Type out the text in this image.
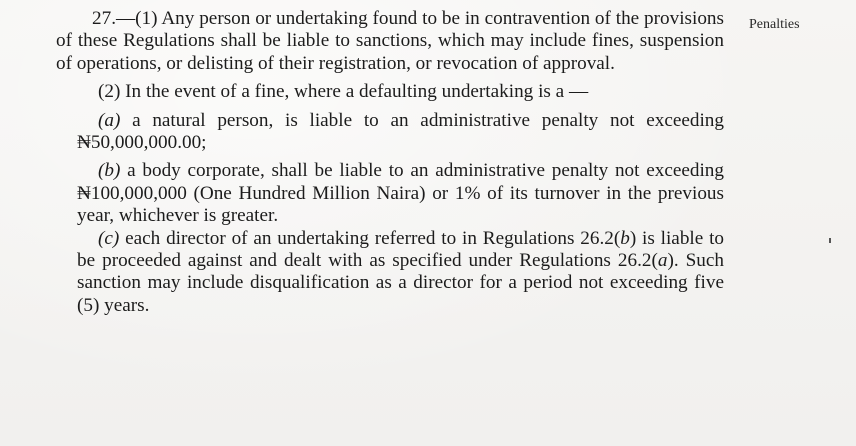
27.—(1) Any person or undertaking found to be in contravention of the provisions of these Regulations shall be liable to sanctions, which may include fines, suspension of operations, or delisting of their registration, or revocation of approval.

(2) In the event of a fine, where a defaulting undertaking is a —

(a) a natural person, is liable to an administrative penalty not exceeding ₦50,000,000.00;

(b) a body corporate, shall be liable to an administrative penalty not exceeding ₦100,000,000 (One Hundred Million Naira) or 1% of its turnover in the previous year, whichever is greater.

(c) each director of an undertaking referred to in Regulations 26.2(b) is liable to be proceeded against and dealt with as specified under Regulations 26.2(a). Such sanction may include disqualification as a director for a period not exceeding five (5) years.

Penalties
